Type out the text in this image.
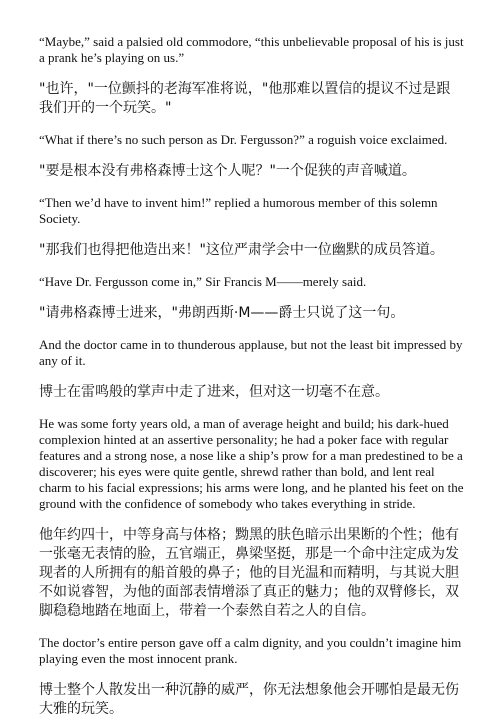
“Maybe,” said a palsied old commodore, “this unbelievable proposal of his is just a prank he’s playing on us.”

"也许，"一位颤抖的老海军准将说，"他那难以置信的提议不过是跟我们开的一个玩笑。"

“What if there’s no such person as Dr. Fergusson?” a roguish voice exclaimed.

"要是根本没有弗格森博士这个人呢？"一个促狭的声音喊道。

“Then we’d have to invent him!” replied a humorous member of this solemn Society.

"那我们也得把他造出来！"这位严肃学会中一位幽默的成员答道。

“Have Dr. Fergusson come in,” Sir Francis M——merely said.

"请弗格森博士进来，"弗朗西斯·M——爵士只说了这一句。

And the doctor came in to thunderous applause, but not the least bit impressed by any of it.

博士在雷鸣般的掌声中走了进来，但对这一切毫不在意。

He was some forty years old, a man of average height and build; his dark-hued complexion hinted at an assertive personality; he had a poker face with regular features and a strong nose, a nose like a ship’s prow for a man predestined to be a discoverer; his eyes were quite gentle, shrewd rather than bold, and lent real charm to his facial expressions; his arms were long, and he planted his feet on the ground with the confidence of somebody who takes everything in stride.

他年约四十，中等身高与体格；黝黑的肤色暗示出果断的个性；他有一张毫无表情的脸，五官端正，鼻梁坚挺，那是一个命中注定成为发现者的人所拥有的船首般的鼻子；他的目光温和而精明，与其说大胆不如说睿智，为他的面部表情增添了真正的魅力；他的双臂修长，双脚稳稳地踏在地面上，带着一个泰然自若之人的自信。

The doctor’s entire person gave off a calm dignity, and you couldn’t imagine him playing even the most innocent prank.

博士整个人散发出一种沉静的威严，你无法想象他会开哪怕是最无伤大雅的玩笑。
